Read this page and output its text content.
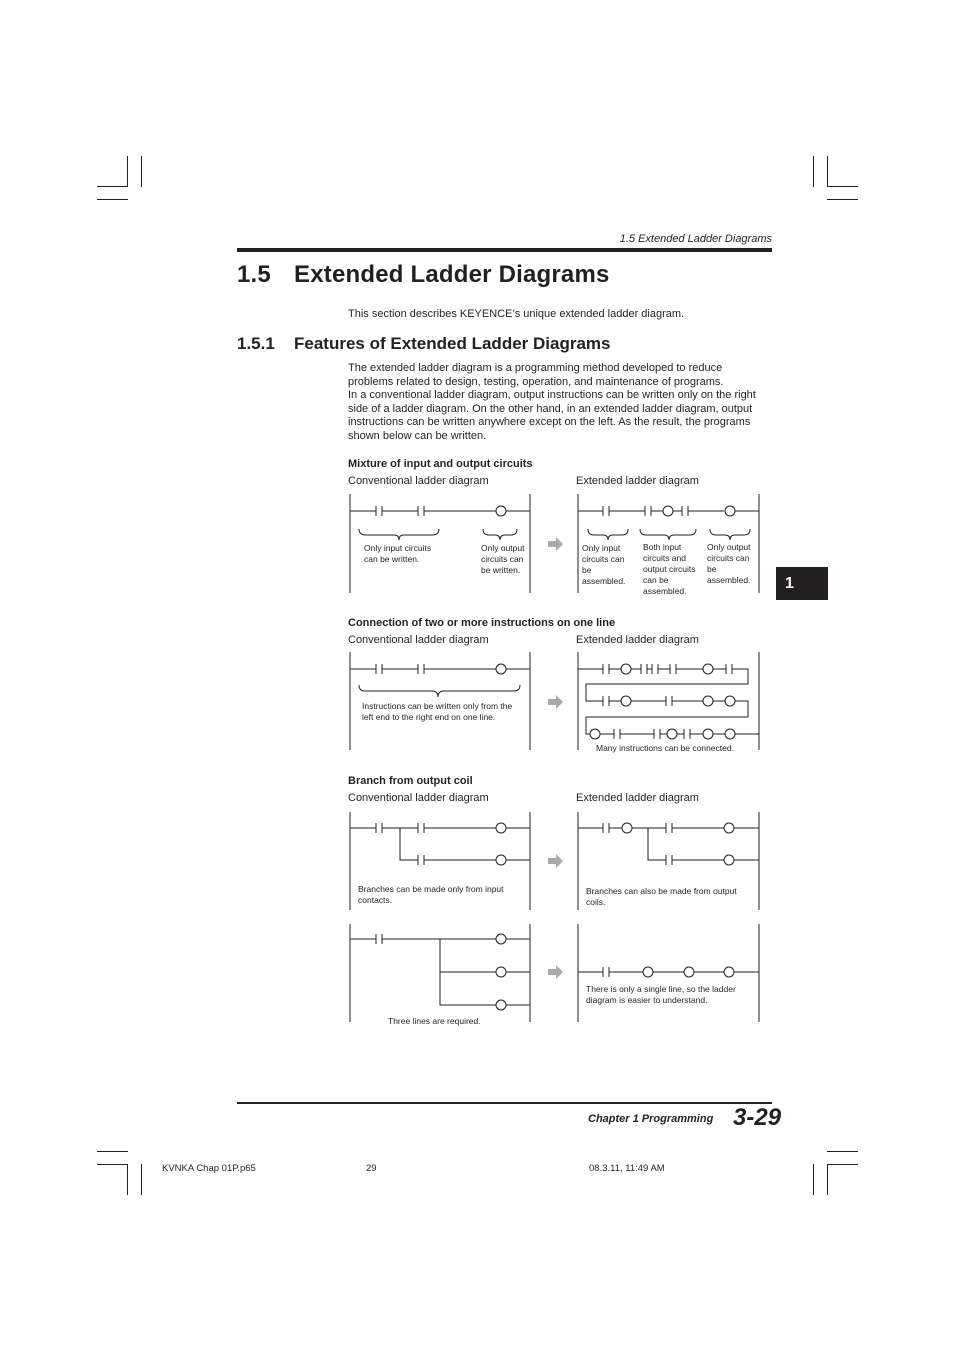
1.5 Extended Ladder Diagrams
1.5 Extended Ladder Diagrams
This section describes KEYENCE’s unique extended ladder diagram.
1.5.1 Features of Extended Ladder Diagrams
The extended ladder diagram is a programming method developed to reduce
problems related to design, testing, operation, and maintenance of programs.
In a conventional ladder diagram, output instructions can be written only on the right
side of a ladder diagram. On the other hand, in an extended ladder diagram, output
instructions can be written anywhere except on the left. As the result, the programs
shown below can be written.
Mixture of input and output circuits
Conventional ladder diagram	Extended ladder diagram
Only input circuits
can be written.
Only output
circuits can
be written.
Only input
circuits can
be
assembled.
Both input
circuits and
output circuits
can be
assembled.
Only output
circuits can
be
assembled.	1
Connection of two or more instructions on one line
Conventional ladder diagram	Extended ladder diagram
Instructions can be written only from the
left end to the right end on one line.
Many instructions can be connected.
Branch from output coil
Conventional ladder diagram	Extended ladder diagram
Branches can be made only from input
contacts.
Branches can also be made from output
coils.
Three lines are required.
There is only a single line, so the ladder
diagram is easier to understand.
Chapter 1 Programming 3-29
KVNKA Chap 01P.p65	29	08.3.11, 11:49 AM
